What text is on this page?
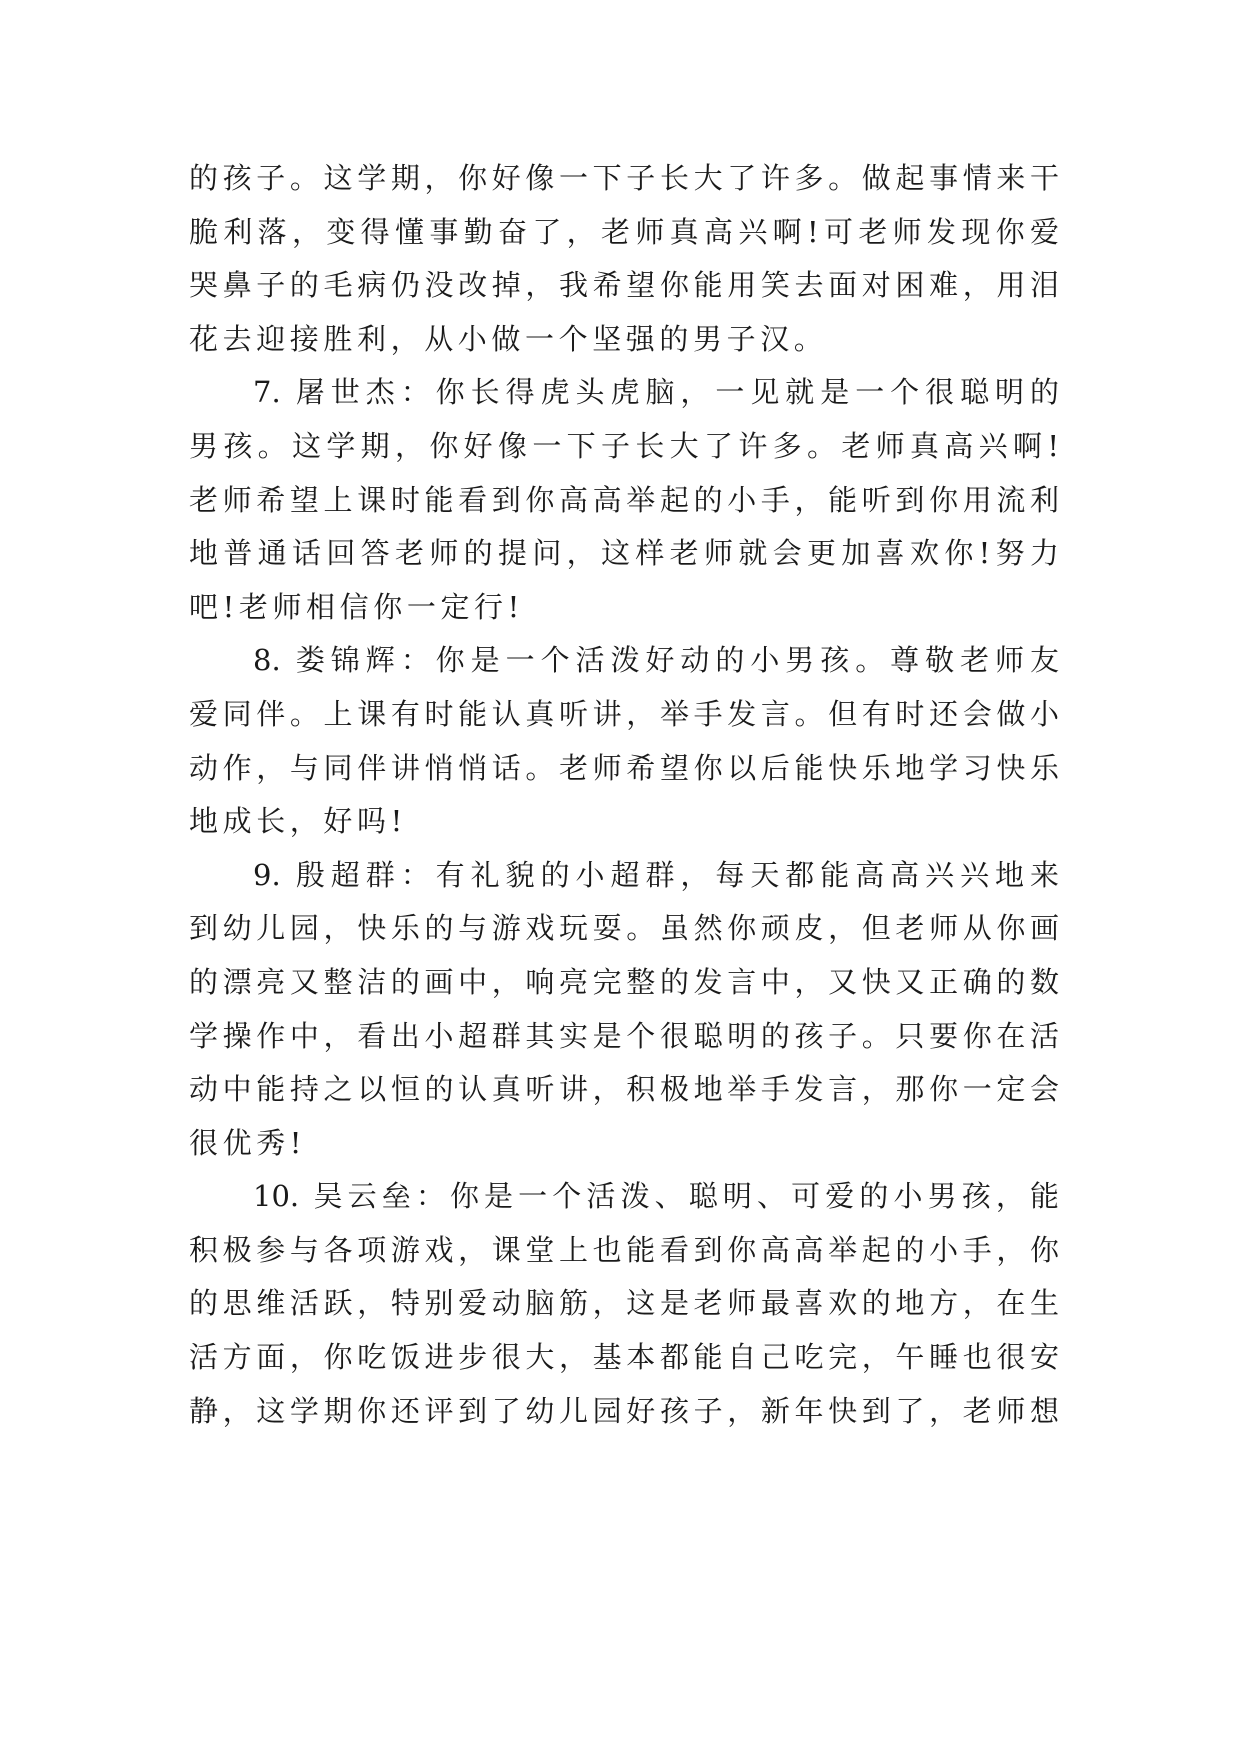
的孩子。这学期，你好像一下子长大了许多。做起事情来干
脆利落，变得懂事勤奋了，老师真高兴啊!可老师发现你爱
哭鼻子的毛病仍没改掉，我希望你能用笑去面对困难，用泪
花去迎接胜利，从小做一个坚强的男子汉。
7. 屠世杰：你长得虎头虎脑，一见就是一个很聪明的
男孩。这学期，你好像一下子长大了许多。老师真高兴啊!
老师希望上课时能看到你高高举起的小手，能听到你用流利
地普通话回答老师的提问，这样老师就会更加喜欢你!努力
吧!老师相信你一定行!
8. 娄锦辉：你是一个活泼好动的小男孩。尊敬老师友
爱同伴。上课有时能认真听讲，举手发言。但有时还会做小
动作，与同伴讲悄悄话。老师希望你以后能快乐地学习快乐
地成长，好吗!
9. 殷超群：有礼貌的小超群，每天都能高高兴兴地来
到幼儿园，快乐的与游戏玩耍。虽然你顽皮，但老师从你画
的漂亮又整洁的画中，响亮完整的发言中，又快又正确的数
学操作中，看出小超群其实是个很聪明的孩子。只要你在活
动中能持之以恒的认真听讲，积极地举手发言，那你一定会
很优秀!
10. 吴云垒：你是一个活泼、聪明、可爱的小男孩，能
积极参与各项游戏，课堂上也能看到你高高举起的小手，你
的思维活跃，特别爱动脑筋，这是老师最喜欢的地方，在生
活方面，你吃饭进步很大，基本都能自己吃完，午睡也很安
静，这学期你还评到了幼儿园好孩子，新年快到了，老师想
